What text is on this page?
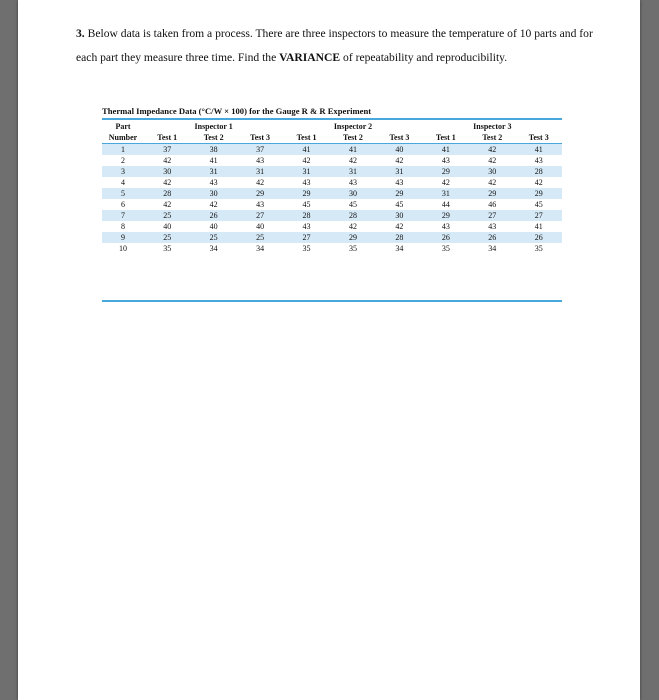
3. Below data is taken from a process. There are three inspectors to measure the temperature of 10 parts and for each part they measure three time. Find the VARIANCE of repeatability and reproducibility.
Thermal Impedance Data (°C/W × 100) for the Gauge R & R Experiment
Part	Inspector 1			Inspector 2			Inspector 3		
Number	Test 1	Test 2	Test 3	Test 1	Test 2	Test 3	Test 1	Test 2	Test 3
1	37	38	37	41	41	40	41	42	41
2	42	41	43	42	42	42	43	42	43
3	30	31	31	31	31	31	29	30	28
4	42	43	42	43	43	43	42	42	42
5	28	30	29	29	30	29	31	29	29
6	42	42	43	45	45	45	44	46	45
7	25	26	27	28	28	30	29	27	27
8	40	40	40	43	42	42	43	43	41
9	25	25	25	27	29	28	26	26	26
10	35	34	34	35	35	34	35	34	35
